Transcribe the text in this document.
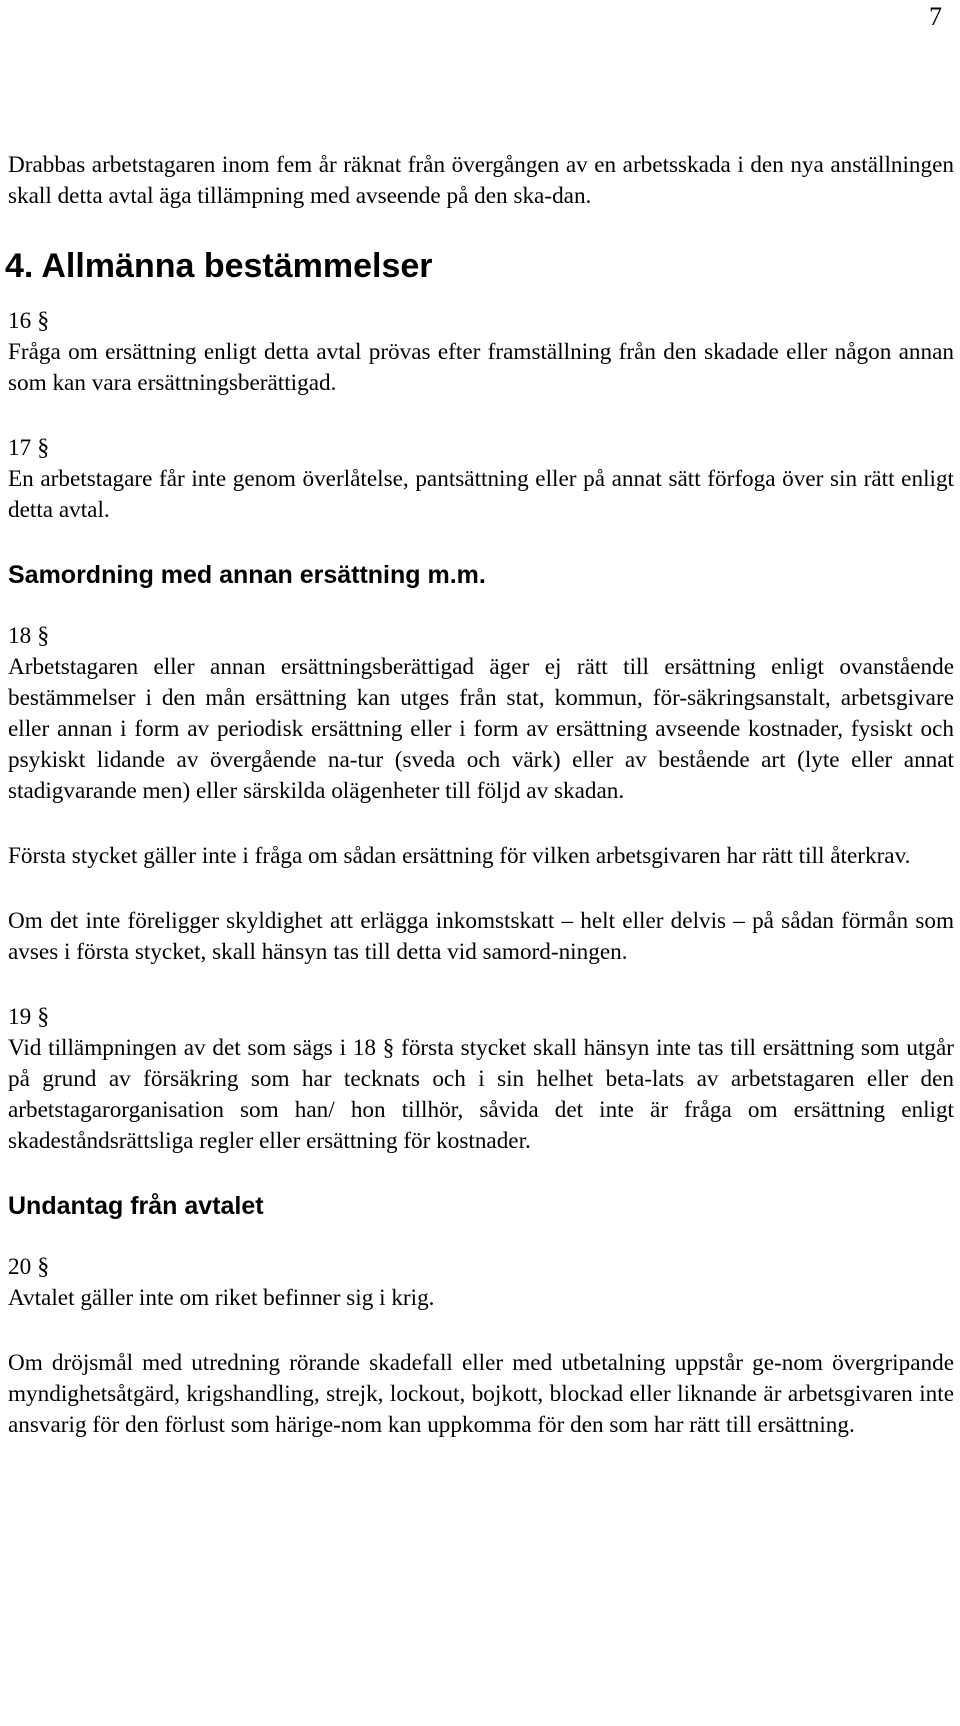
7

Drabbas arbetstagaren inom fem år räknat från övergången av en arbetsskada i den nya anställningen skall detta avtal äga tillämpning med avseende på den ska-dan.

4. Allmänna bestämmelser

16 §

Fråga om ersättning enligt detta avtal prövas efter framställning från den skadade eller någon annan som kan vara ersättningsberättigad.

17 §

En arbetstagare får inte genom överlåtelse, pantsättning eller på annat sätt förfoga över sin rätt enligt detta avtal.

Samordning med annan ersättning m.m.

18 §

Arbetstagaren eller annan ersättningsberättigad äger ej rätt till ersättning enligt ovanstående bestämmelser i den mån ersättning kan utges från stat, kommun, för-säkringsanstalt, arbetsgivare eller annan i form av periodisk ersättning eller i form av ersättning avseende kostnader, fysiskt och psykiskt lidande av övergående na-tur (sveda och värk) eller av bestående art (lyte eller annat stadigvarande men) eller särskilda olägenheter till följd av skadan.

Första stycket gäller inte i fråga om sådan ersättning för vilken arbetsgivaren har rätt till återkrav.

Om det inte föreligger skyldighet att erlägga inkomstskatt – helt eller delvis – på sådan förmån som avses i första stycket, skall hänsyn tas till detta vid samord-ningen.

19 §

Vid tillämpningen av det som sägs i 18 § första stycket skall hänsyn inte tas till ersättning som utgår på grund av försäkring som har tecknats och i sin helhet beta-lats av arbetstagaren eller den arbetstagarorganisation som han/ hon tillhör, såvida det inte är fråga om ersättning enligt skadeståndsrättsliga regler eller ersättning för kostnader.

Undantag från avtalet

20 §

Avtalet gäller inte om riket befinner sig i krig.

Om dröjsmål med utredning rörande skadefall eller med utbetalning uppstår ge-nom övergripande myndighetsåtgärd, krigshandling, strejk, lockout, bojkott, blockad eller liknande är arbetsgivaren inte ansvarig för den förlust som härige-nom kan uppkomma för den som har rätt till ersättning.
